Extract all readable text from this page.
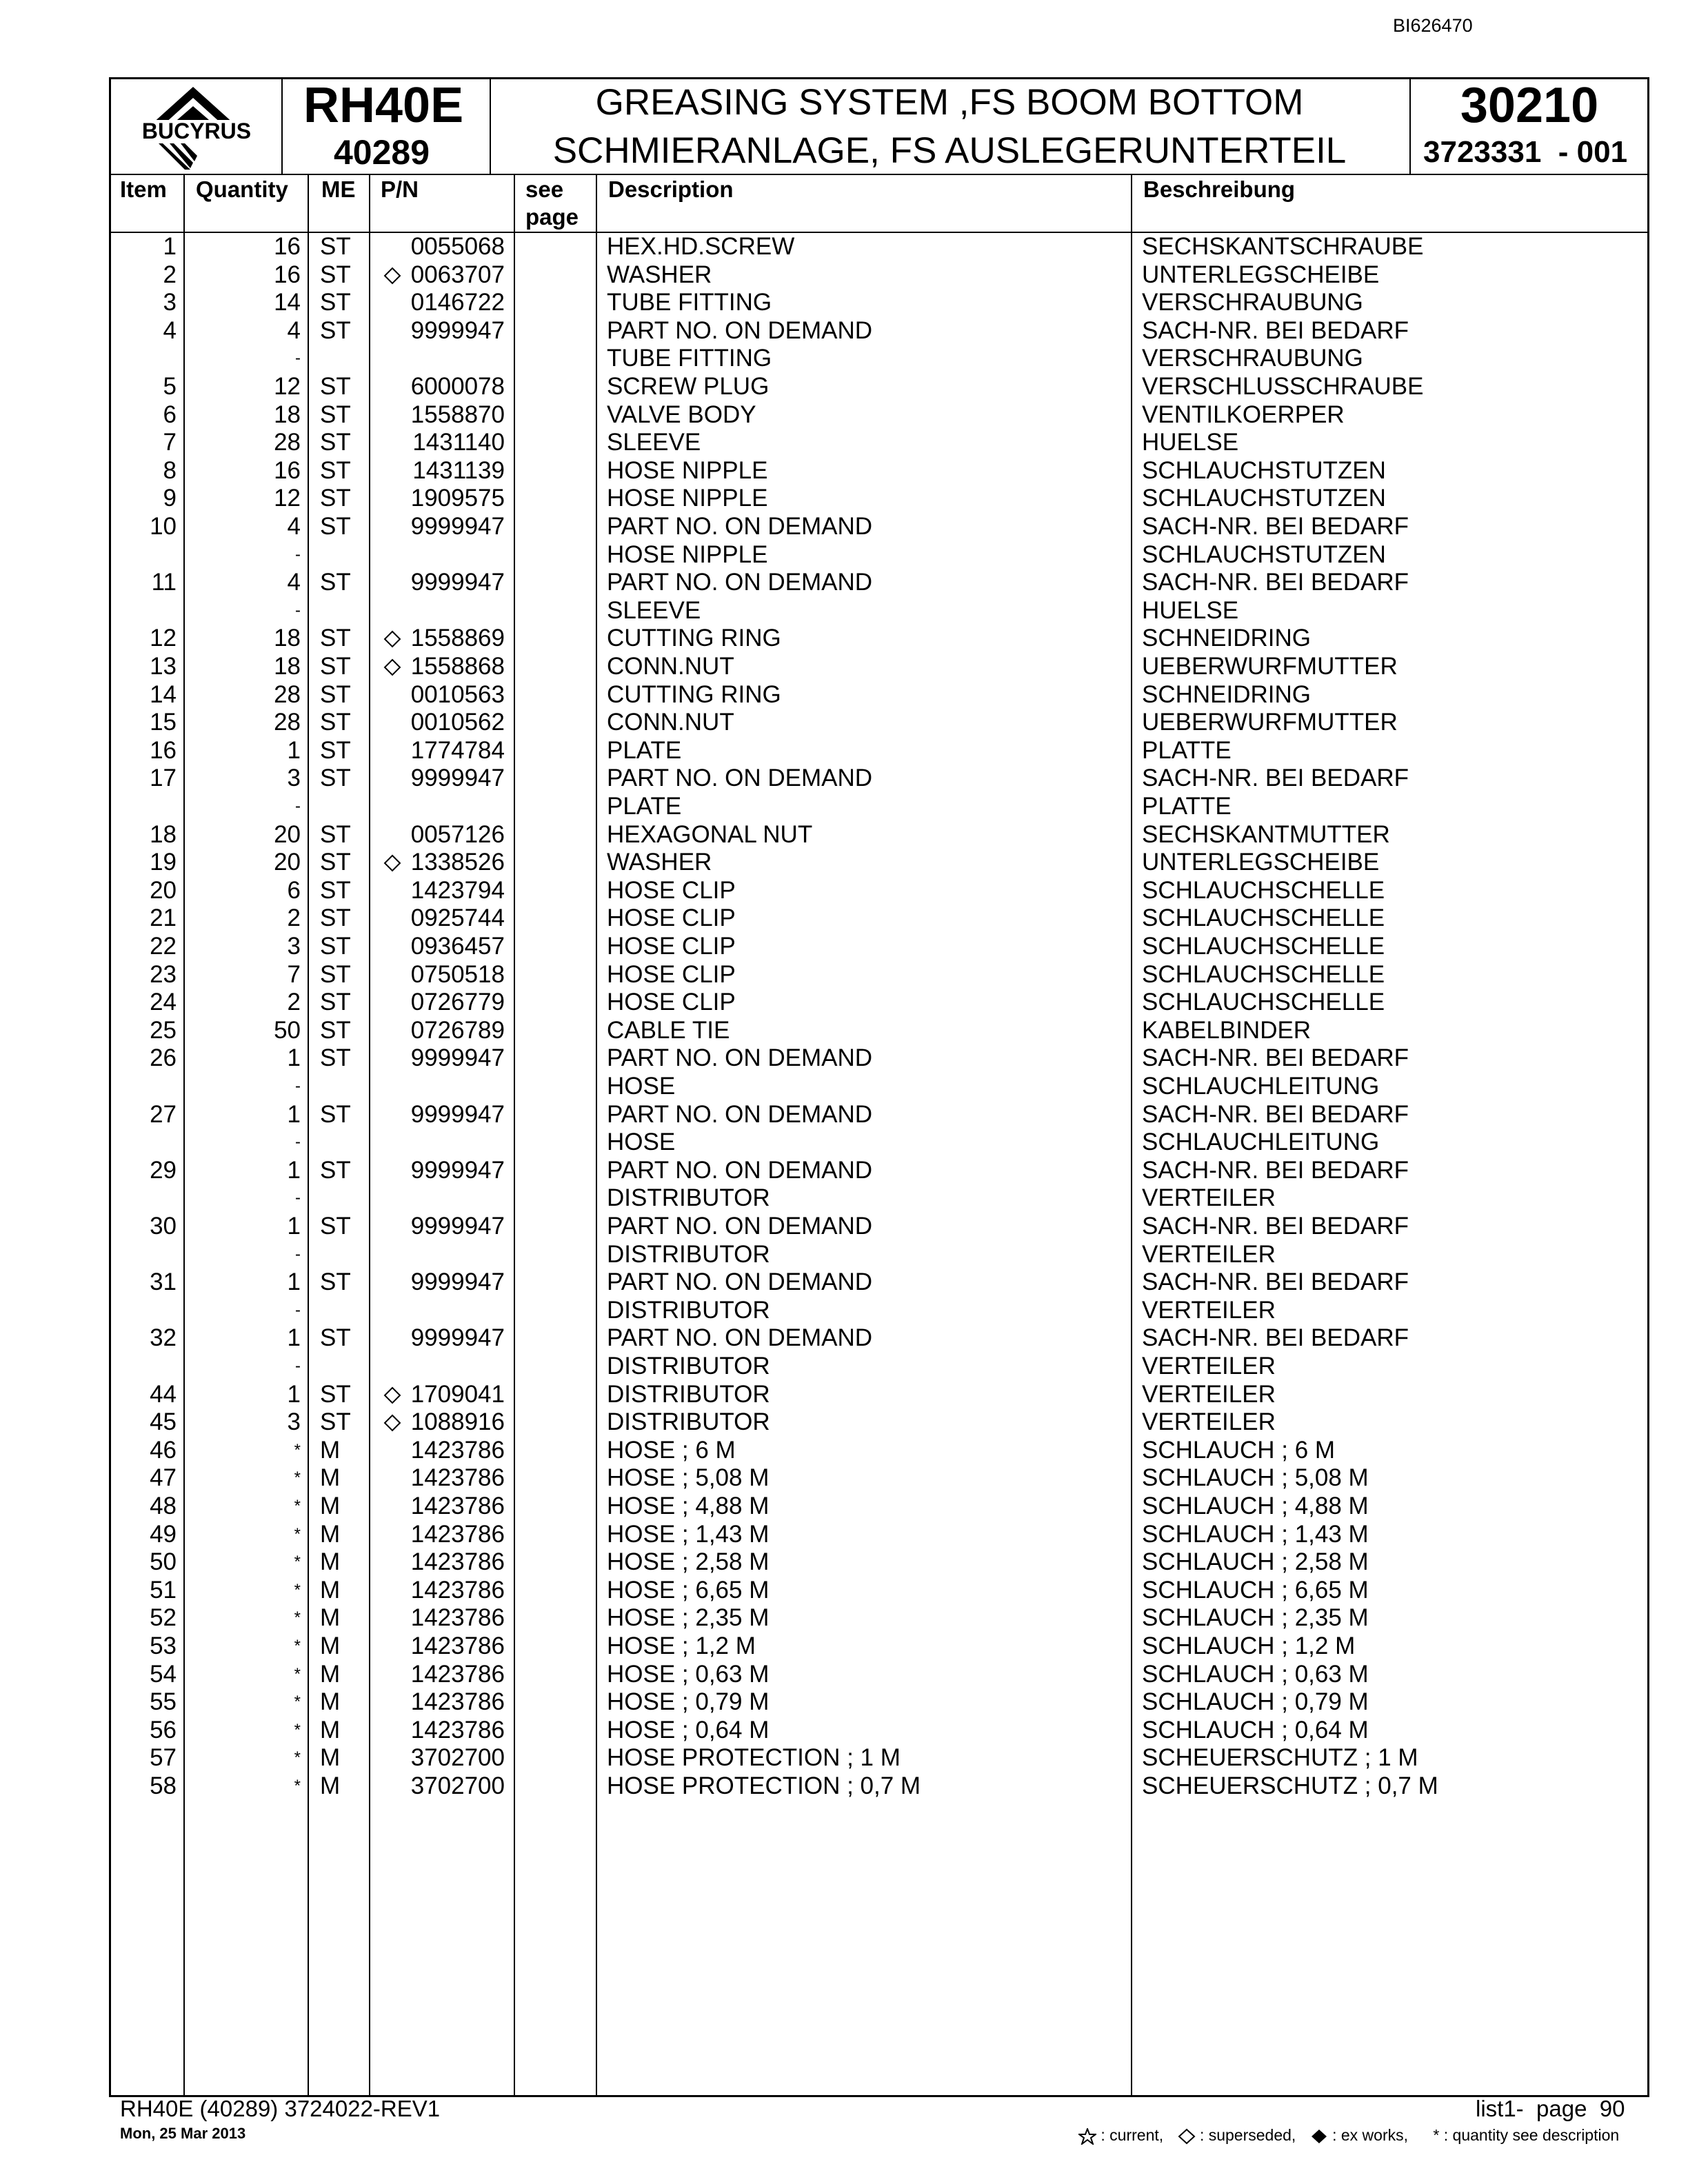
BI626470
BUCYRUS RH40E
40289
GREASING SYSTEM ,FS BOOM BOTTOM
SCHMIERANLAGE, FS AUSLEGERUNTERTEIL
30210
3723331  - 001
Item Quantity ME P/N	see
page
Description	Beschreibung
1	16 ST	0055068	HEX.HD.SCREW	SECHSKANTSCHRAUBE
2	16 ST	0063707	WASHER	UNTERLEGSCHEIBE
3	14 ST	0146722	TUBE FITTING	VERSCHRAUBUNG
4	4 ST	9999947	PART NO. ON DEMAND	SACH-NR. BEI BEDARF
-	TUBE FITTING	VERSCHRAUBUNG
5	12 ST	6000078	SCREW PLUG	VERSCHLUSSCHRAUBE
6	18 ST	1558870	VALVE BODY	VENTILKOERPER
7	28 ST	1431140	SLEEVE	HUELSE
8	16 ST	1431139	HOSE NIPPLE	SCHLAUCHSTUTZEN
9	12 ST	1909575	HOSE NIPPLE	SCHLAUCHSTUTZEN
10	4 ST	9999947	PART NO. ON DEMAND	SACH-NR. BEI BEDARF
-	HOSE NIPPLE	SCHLAUCHSTUTZEN
11	4 ST	9999947	PART NO. ON DEMAND	SACH-NR. BEI BEDARF
-	SLEEVE	HUELSE
12	18 ST	1558869	CUTTING RING	SCHNEIDRING
13	18 ST	1558868	CONN.NUT	UEBERWURFMUTTER
14	28 ST	0010563	CUTTING RING	SCHNEIDRING
15	28 ST	0010562	CONN.NUT	UEBERWURFMUTTER
16	1 ST	1774784	PLATE	PLATTE
17	3 ST	9999947	PART NO. ON DEMAND	SACH-NR. BEI BEDARF
-	PLATE	PLATTE
18	20 ST	0057126	HEXAGONAL NUT	SECHSKANTMUTTER
19	20 ST	1338526	WASHER	UNTERLEGSCHEIBE
20	6 ST	1423794	HOSE CLIP	SCHLAUCHSCHELLE
21	2 ST	0925744	HOSE CLIP	SCHLAUCHSCHELLE
22	3 ST	0936457	HOSE CLIP	SCHLAUCHSCHELLE
23	7 ST	0750518	HOSE CLIP	SCHLAUCHSCHELLE
24	2 ST	0726779	HOSE CLIP	SCHLAUCHSCHELLE
25	50 ST	0726789	CABLE TIE	KABELBINDER
26	1 ST	9999947	PART NO. ON DEMAND	SACH-NR. BEI BEDARF
-	HOSE	SCHLAUCHLEITUNG
27	1 ST	9999947	PART NO. ON DEMAND	SACH-NR. BEI BEDARF
-	HOSE	SCHLAUCHLEITUNG
29	1 ST	9999947	PART NO. ON DEMAND	SACH-NR. BEI BEDARF
-	DISTRIBUTOR	VERTEILER
30	1 ST	9999947	PART NO. ON DEMAND	SACH-NR. BEI BEDARF
-	DISTRIBUTOR	VERTEILER
31	1 ST	9999947	PART NO. ON DEMAND	SACH-NR. BEI BEDARF
-	DISTRIBUTOR	VERTEILER
32	1 ST	9999947	PART NO. ON DEMAND	SACH-NR. BEI BEDARF
-	DISTRIBUTOR	VERTEILER
44	1 ST	1709041	DISTRIBUTOR	VERTEILER
45	3 ST	1088916	DISTRIBUTOR	VERTEILER
46	* M	1423786	HOSE ; 6 M	SCHLAUCH ; 6 M
47	* M	1423786	HOSE ; 5,08 M	SCHLAUCH ; 5,08 M
48	* M	1423786	HOSE ; 4,88 M	SCHLAUCH ; 4,88 M
49	* M	1423786	HOSE ; 1,43 M	SCHLAUCH ; 1,43 M
50	* M	1423786	HOSE ; 2,58 M	SCHLAUCH ; 2,58 M
51	* M	1423786	HOSE ; 6,65 M	SCHLAUCH ; 6,65 M
52	* M	1423786	HOSE ; 2,35 M	SCHLAUCH ; 2,35 M
53	* M	1423786	HOSE ; 1,2 M	SCHLAUCH ; 1,2 M
54	* M	1423786	HOSE ; 0,63 M	SCHLAUCH ; 0,63 M
55	* M	1423786	HOSE ; 0,79 M	SCHLAUCH ; 0,79 M
56	* M	1423786	HOSE ; 0,64 M	SCHLAUCH ; 0,64 M
57	* M	3702700	HOSE PROTECTION ; 1 M	SCHEUERSCHUTZ ; 1 M
58	* M	3702700	HOSE PROTECTION ; 0,7 M	SCHEUERSCHUTZ ; 0,7 M
RH40E (40289) 3724022-REV1
Mon, 25 Mar 2013
list1-  page  90
: current, : superseded, : ex works, * : quantity see description
